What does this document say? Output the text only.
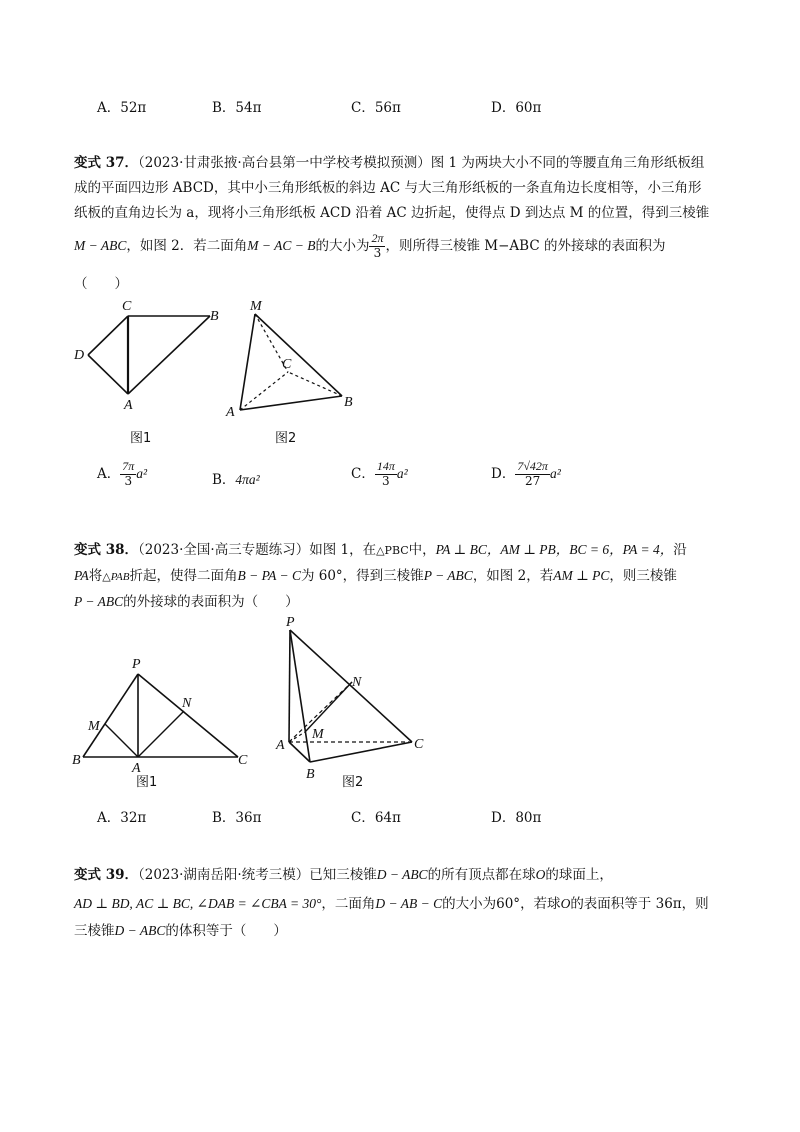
A．52π	B．54π	C．56π	D．60π
变式 37．（2023·甘肃张掖·高台县第一中学校考模拟预测）图 1 为两块大小不同的等腰直角三角形纸板组
成的平面四边形 ABCD，其中小三角形纸板的斜边 AC 与大三角形纸板的一条直角边长度相等，小三角形
纸板的直角边长为 a，现将小三角形纸板 ACD 沿着 AC 边折起，使得点 D 到达点 M 的位置，得到三棱锥
M − ABC，如图 2．若二面角M − AC − B的大小为 $\frac{2\pi}{3}$ ，则所得三棱锥 M−ABC 的外接球的表面积为
（　　）
C
B
D
A
图1
M
C
A
B
图2
A． $\frac{7\pi}{3} a^2$	B．4πa²	C． $\frac{14\pi}{3} a^2$	D． $\frac{7√42\pi}{27} a^2$
变式 38．（2023·全国·高三专题练习）如图 1，在△PBC中，PA ⊥ BC，AM ⊥ PB，BC = 6，PA = 4，沿
PA将△PAB折起，使得二面角B − PA − C为 60°，得到三棱锥P − ABC，如图 2，若AM ⊥ PC，则三棱锥
P − ABC的外接球的表面积为（　　）
P
M
N
B
A
C
图1
P
N
A
M
B
C
图2
A．32π	B．36π	C．64π	D．80π
变式 39．（2023·湖南岳阳·统考三模）已知三棱锥D − ABC的所有顶点都在球O的球面上，
AD ⊥ BD, AC ⊥ BC, ∠DAB = ∠CBA = 30°，二面角D − AB − C的大小为60°，若球O的表面积等于 36π，则
三棱锥D − ABC的体积等于（　　）
